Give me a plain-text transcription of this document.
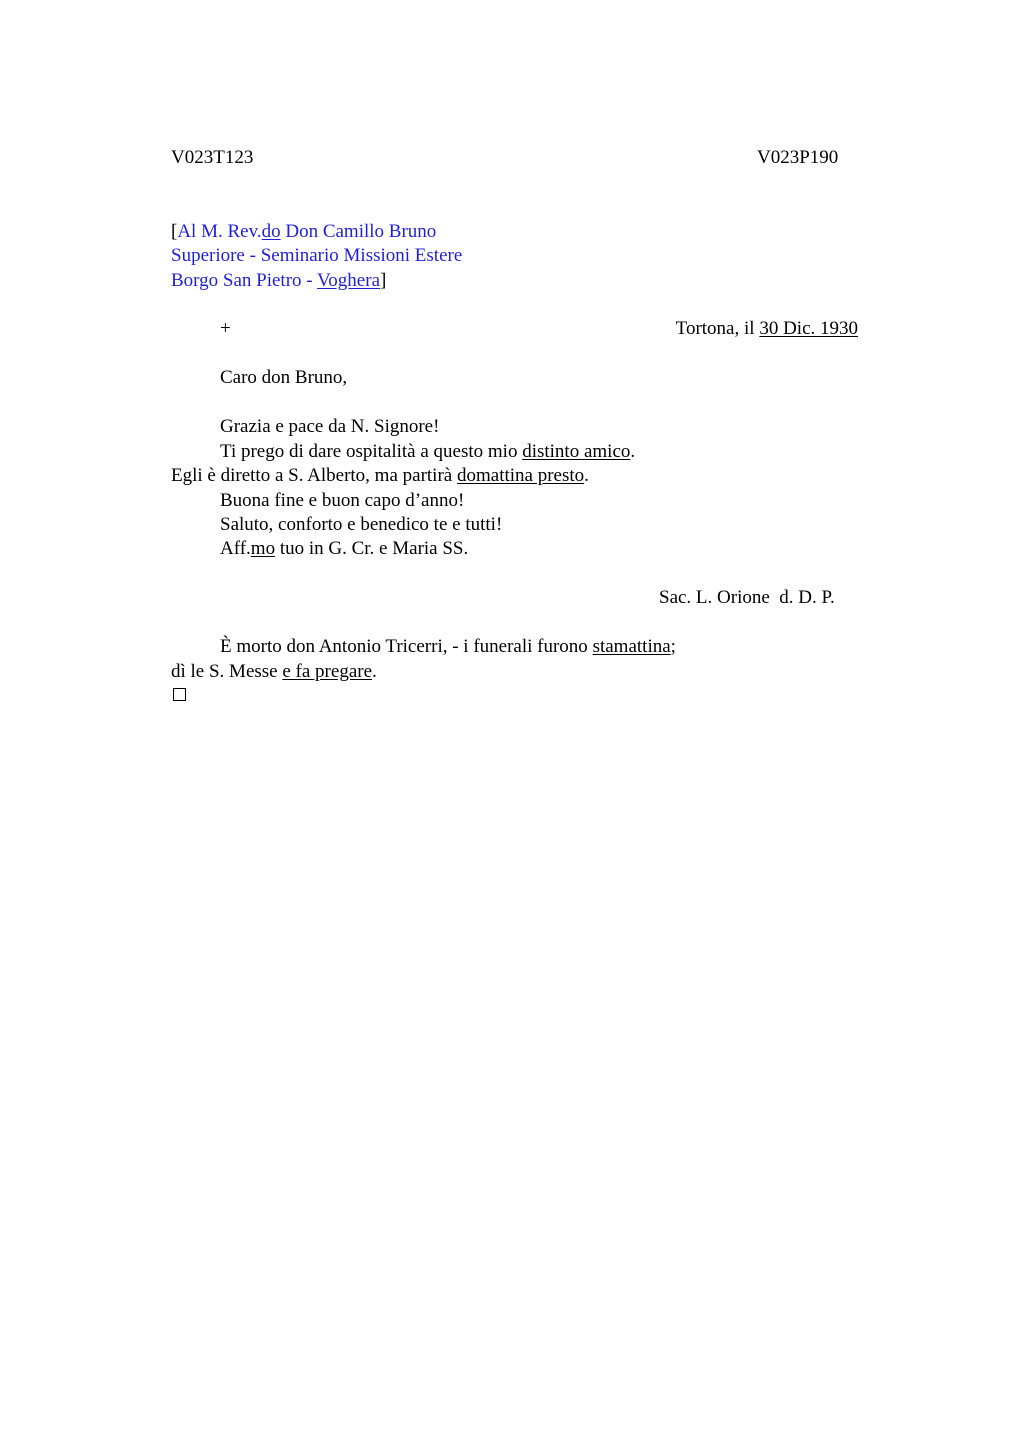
V023T123	V023P190
[Al M. Rev.do Don Camillo Bruno
Superiore - Seminario Missioni Estere
Borgo San Pietro - Voghera]
+	Tortona, il 30 Dic. 1930
Caro don Bruno,
Grazia e pace da N. Signore!
Ti prego di dare ospitalità a questo mio distinto amico.
Egli è diretto a S. Alberto, ma partirà domattina presto.
Buona fine e buon capo d’anno!
Saluto, conforto e benedico te e tutti!
Aff.mo tuo in G. Cr. e Maria SS.
Sac. L. Orione  d. D. P.
È morto don Antonio Tricerri, - i funerali furono stamattina;
dì le S. Messe e fa pregare.
